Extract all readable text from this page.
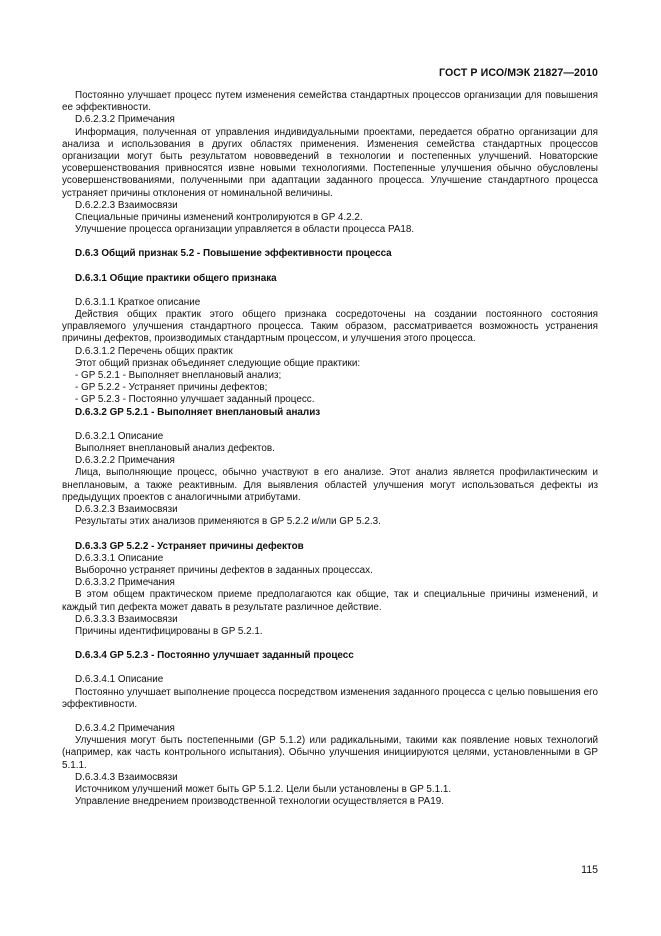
ГОСТ Р ИСО/МЭК 21827—2010
Постоянно улучшает процесс путем изменения семейства стандартных процессов организации для повышения ее эффективности.
D.6.2.3.2 Примечания
Информация, полученная от управления индивидуальными проектами, передается обратно организации для анализа и использования в других областях применения. Изменения семейства стандартных процессов организации могут быть результатом нововведений в технологии и постепенных улучшений. Новаторские усовершенствования привносятся извне новыми технологиями. Постепенные улучшения обычно обусловлены усовершенствованиями, полученными при адаптации заданного процесса. Улучшение стандартного процесса устраняет причины отклонения от номинальной величины.
D.6.2.2.3 Взаимосвязи
Специальные причины изменений контролируются в GP 4.2.2.
Улучшение процесса организации управляется в области процесса PA18.
D.6.3 Общий признак 5.2 - Повышение эффективности процесса
D.6.3.1 Общие практики общего признака
D.6.3.1.1 Краткое описание
Действия общих практик этого общего признака сосредоточены на создании постоянного состояния управляемого улучшения стандартного процесса. Таким образом, рассматривается возможность устранения причины дефектов, производимых стандартным процессом, и улучшения этого процесса.
D.6.3.1.2 Перечень общих практик
Этот общий признак объединяет следующие общие практики:
- GP 5.2.1 - Выполняет внеплановый анализ;
- GP 5.2.2 - Устраняет причины дефектов;
- GP 5.2.3 - Постоянно улучшает заданный процесс.
D.6.3.2 GP 5.2.1 - Выполняет внеплановый анализ
D.6.3.2.1 Описание
Выполняет внеплановый анализ дефектов.
D.6.3.2.2 Примечания
Лица, выполняющие процесс, обычно участвуют в его анализе. Этот анализ является профилактическим и внеплановым, а также реактивным. Для выявления областей улучшения могут использоваться дефекты из предыдущих проектов с аналогичными атрибутами.
D.6.3.2.3 Взаимосвязи
Результаты этих анализов применяются в GP 5.2.2 и/или GP 5.2.3.
D.6.3.3 GP 5.2.2 - Устраняет причины дефектов
D.6.3.3.1 Описание
Выборочно устраняет причины дефектов в заданных процессах.
D.6.3.3.2 Примечания
В этом общем практическом приеме предполагаются как общие, так и специальные причины изменений, и каждый тип дефекта может давать в результате различное действие.
D.6.3.3.3 Взаимосвязи
Причины идентифицированы в GP 5.2.1.
D.6.3.4 GP 5.2.3 - Постоянно улучшает заданный процесс
D.6.3.4.1 Описание
Постоянно улучшает выполнение процесса посредством изменения заданного процесса с целью повышения его эффективности.
D.6.3.4.2 Примечания
Улучшения могут быть постепенными (GP 5.1.2) или радикальными, такими как появление новых технологий (например, как часть контрольного испытания). Обычно улучшения инициируются целями, установленными в GP 5.1.1.
D.6.3.4.3 Взаимосвязи
Источником улучшений может быть GP 5.1.2. Цели были установлены в GP 5.1.1.
Управление внедрением производственной технологии осуществляется в PA19.
115
